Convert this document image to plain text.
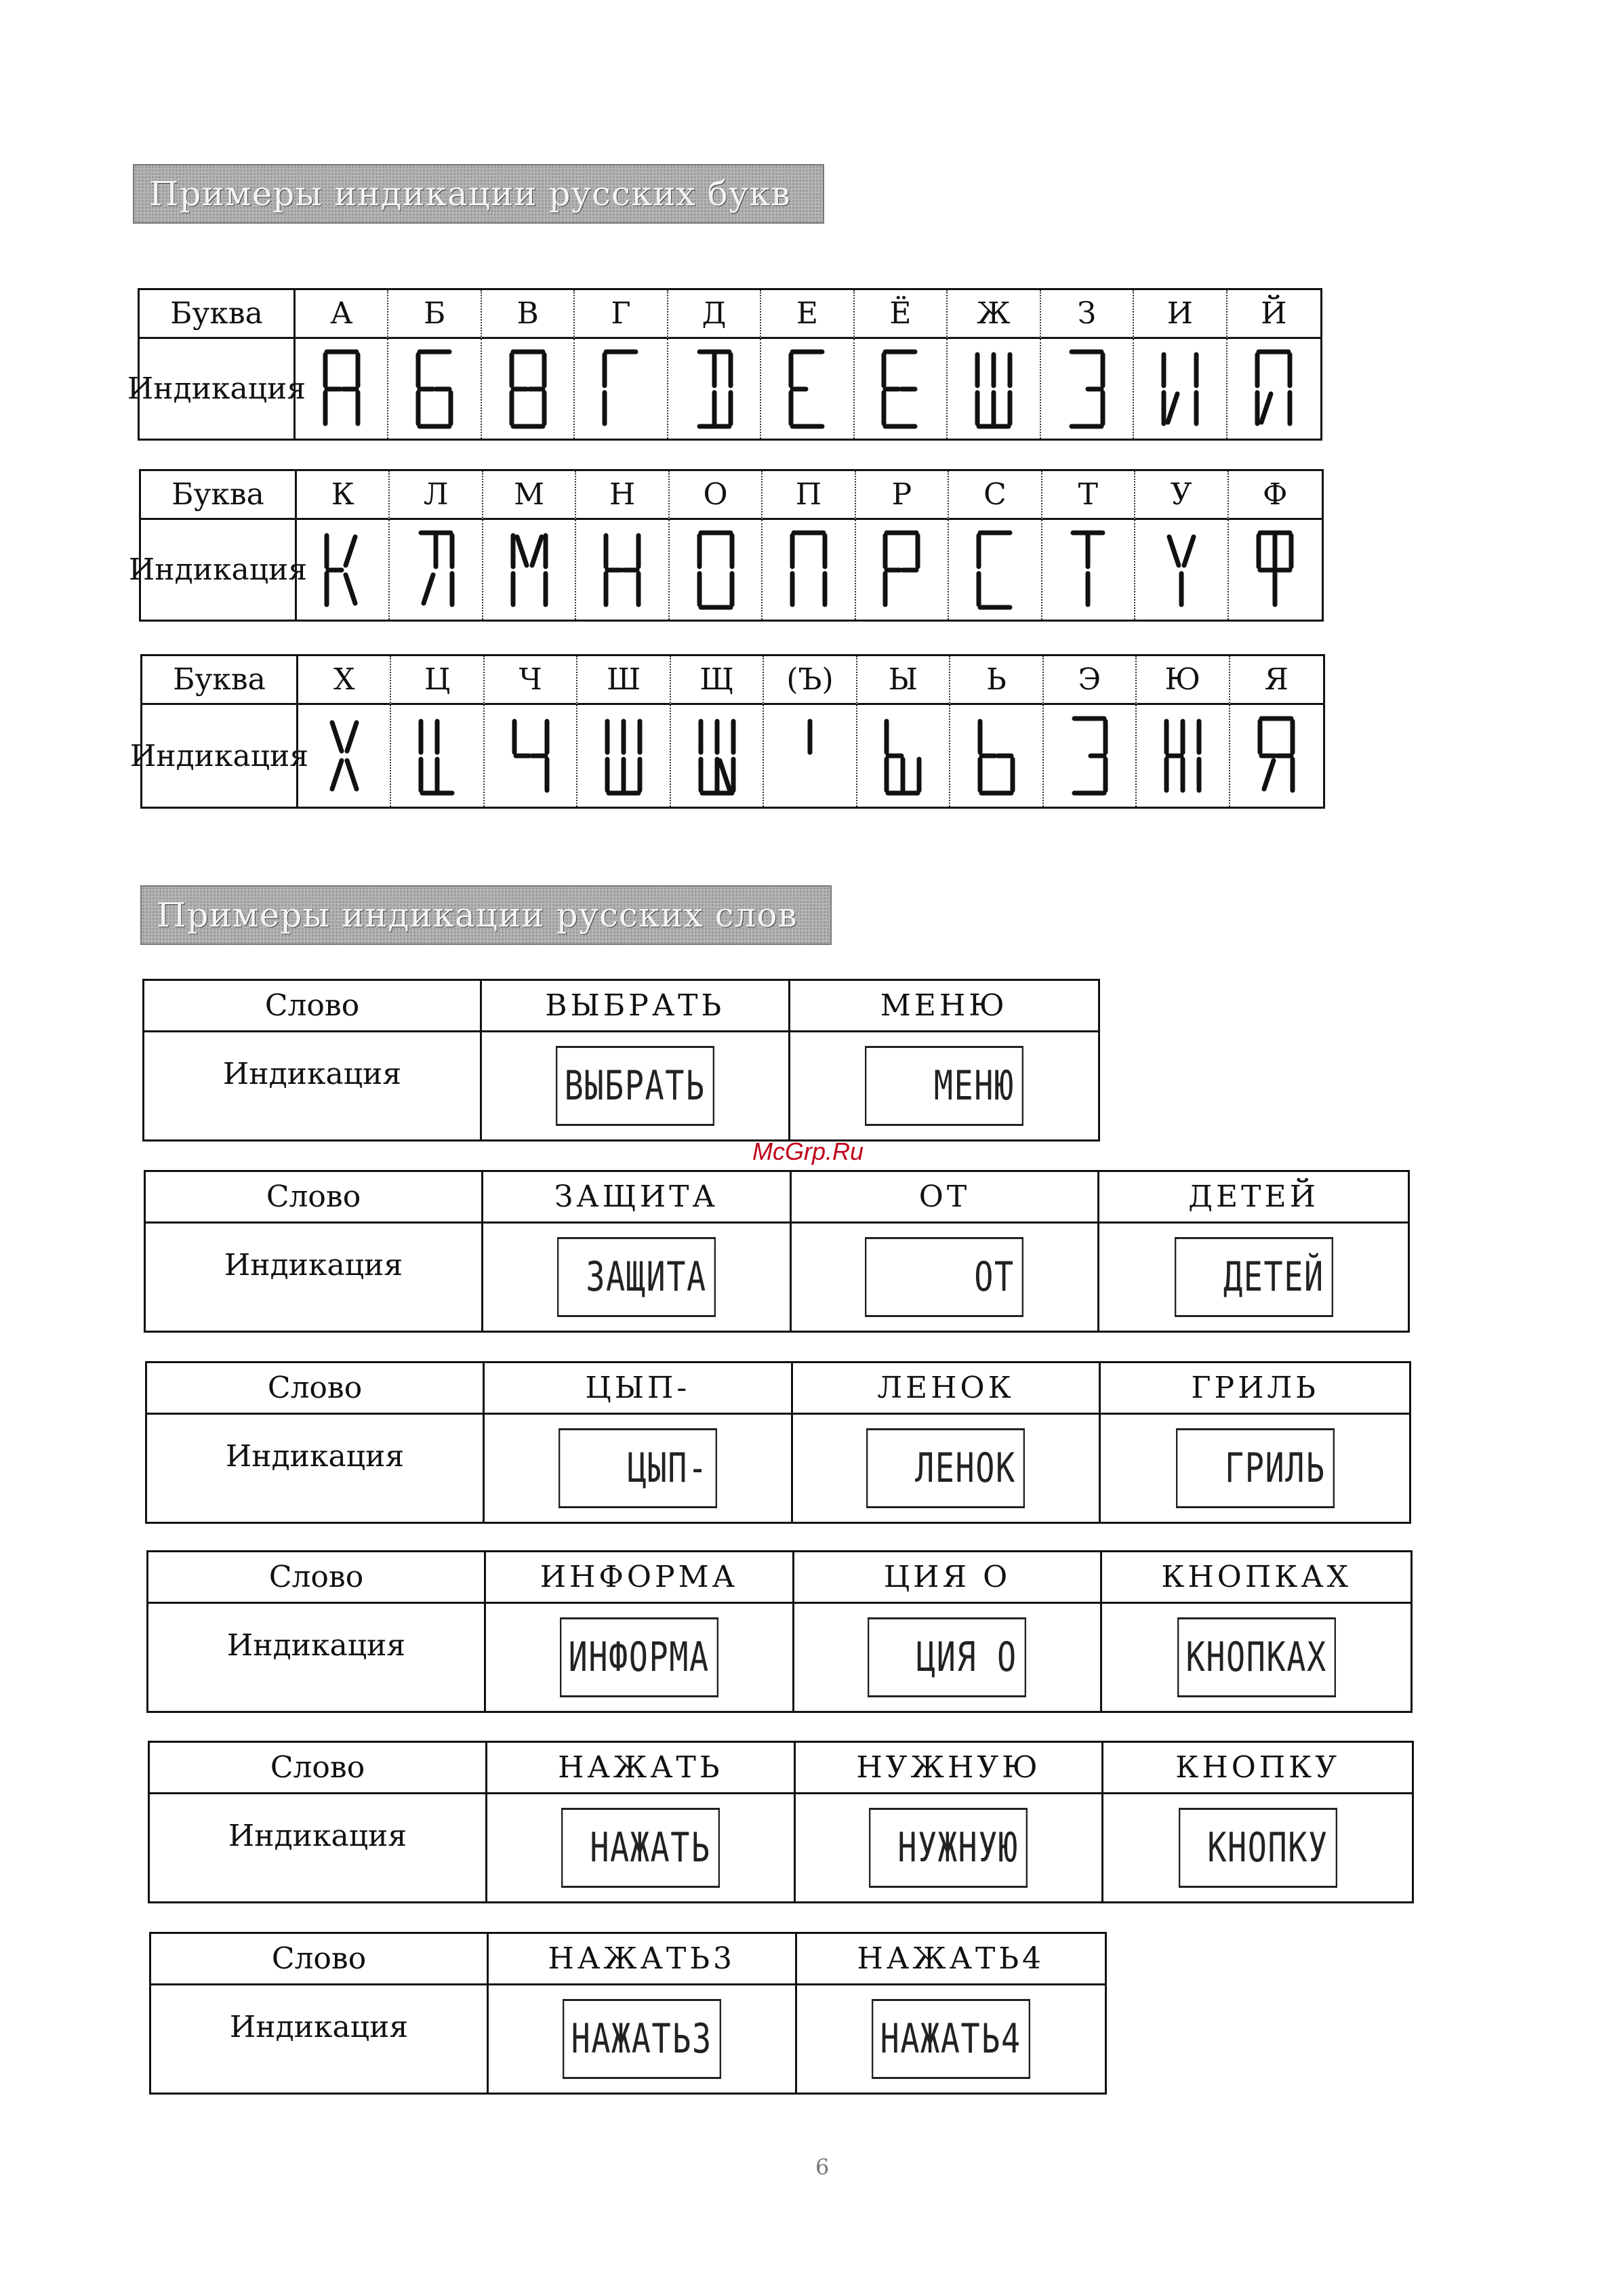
Примеры индикации русских букв
Буква	А	Б	В	Г	Д	Е	Ё	Ж	З	И	Й
Индикация
Буква	К	Л	М	Н	О	П	Р	С	Т	У	Ф
Индикация
Буква	Х	Ц	Ч	Ш	Щ	(Ъ)	Ы	Ь	Э	Ю	Я
Индикация
Примеры индикации русских слов
Слово	ВЫБРАТЬ	МЕНЮ
Индикация	ВЫБРАТЬ	МЕНЮ
Слово	ЗАЩИТА	ОТ	ДЕТЕЙ
Индикация	ЗАЩИТА	ОТ	ДЕТЕЙ
Слово	ЦЫП-	ЛЕНОК	ГРИЛЬ
Индикация	ЦЫП-	ЛЕНОК	ГРИЛЬ
Слово	ИНФОРМА	ЦИЯ О	КНОПКАХ
Индикация	ИНФОРМА	ЦИЯ О	КНОПКАХ
Слово	НАЖАТЬ	НУЖНУЮ	КНОПКУ
Индикация	НАЖАТЬ	НУЖНУЮ	КНОПКУ
Слово	НАЖАТЬ3	НАЖАТЬ4
Индикация	НАЖАТЬ3	НАЖАТЬ4
McGrp.Ru
6
